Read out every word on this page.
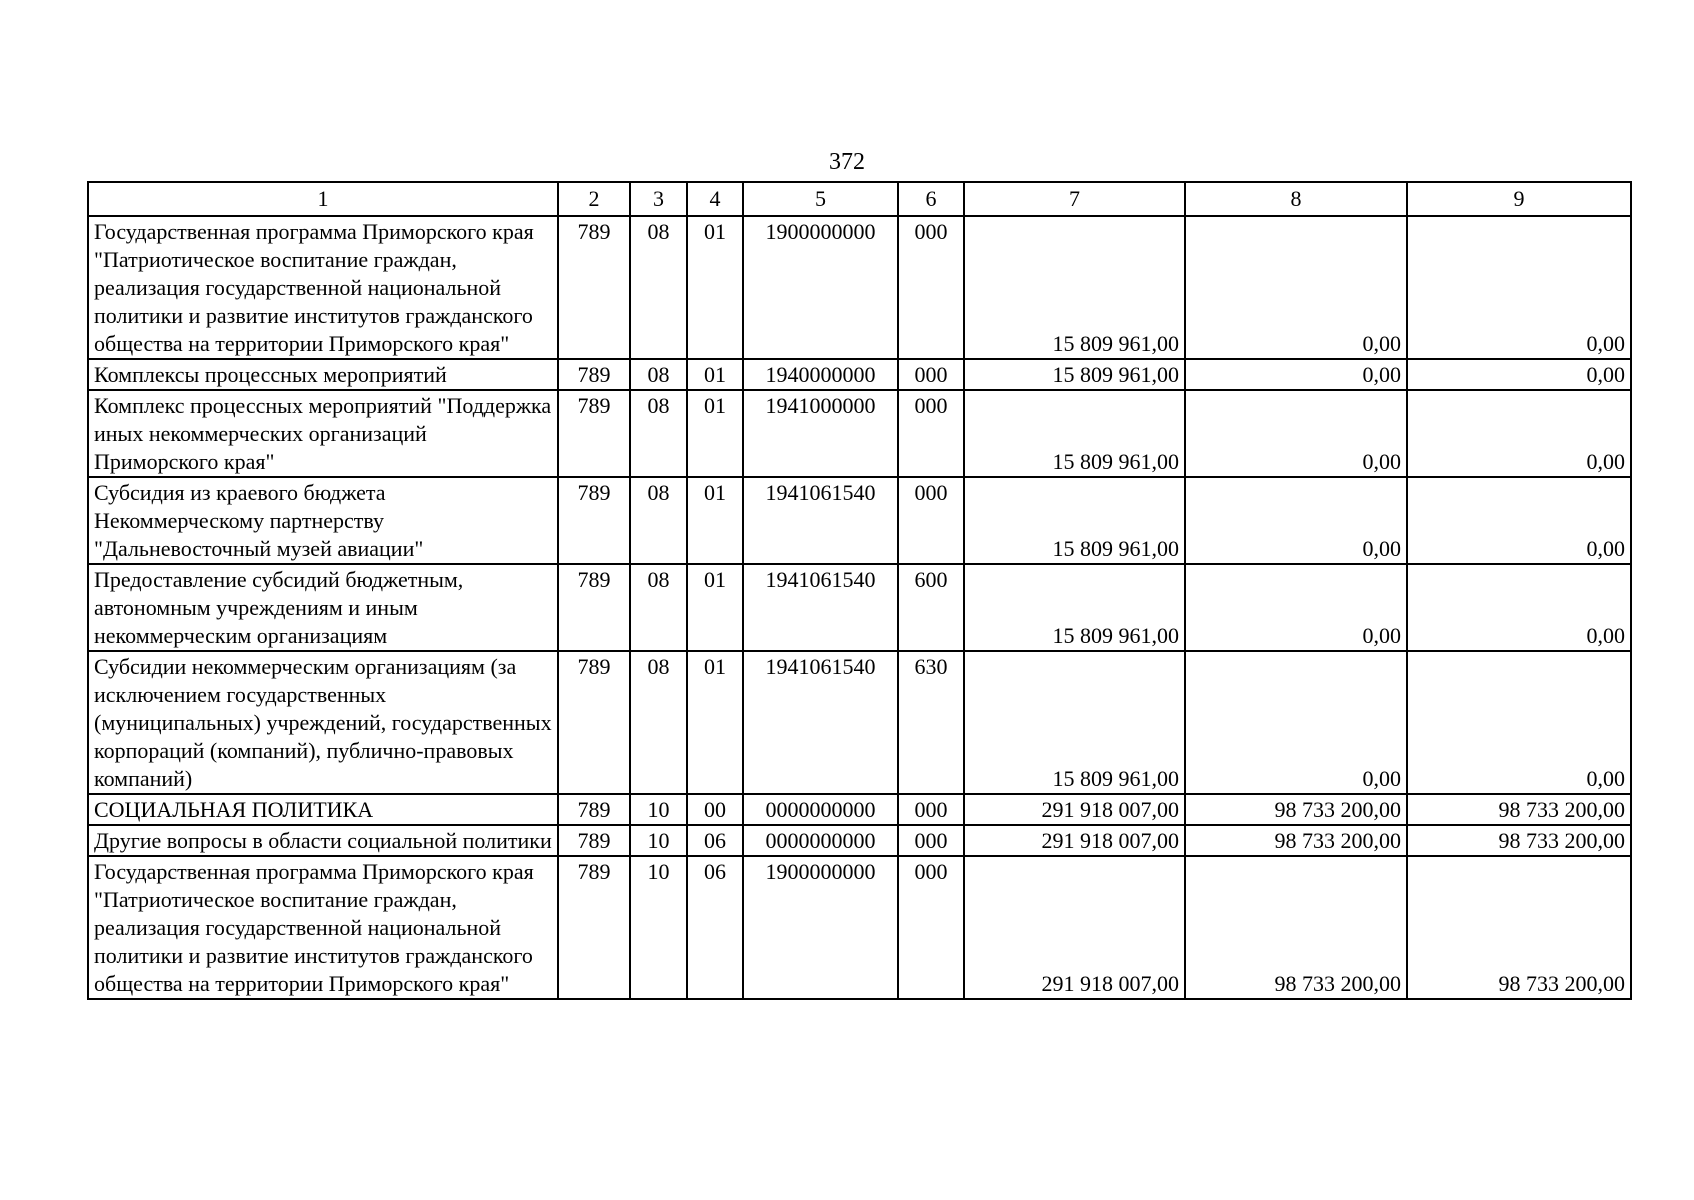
372
1	2	3	4	5	6	7	8	9
Государственная программа Приморского края "Патриотическое воспитание граждан, реализация государственной национальной политики и развитие институтов гражданского общества на территории Приморского края"	789	08	01	1900000000	000	15 809 961,00	0,00	0,00
Комплексы процессных мероприятий	789	08	01	1940000000	000	15 809 961,00	0,00	0,00
Комплекс процессных мероприятий "Поддержка иных некоммерческих организаций Приморского края"	789	08	01	1941000000	000	15 809 961,00	0,00	0,00
Субсидия из краевого бюджета Некоммерческому партнерству "Дальневосточный музей авиации"	789	08	01	1941061540	000	15 809 961,00	0,00	0,00
Предоставление субсидий бюджетным, автономным учреждениям и иным некоммерческим организациям	789	08	01	1941061540	600	15 809 961,00	0,00	0,00
Субсидии некоммерческим организациям (за исключением государственных (муниципальных) учреждений, государственных корпораций (компаний), публично-правовых компаний)	789	08	01	1941061540	630	15 809 961,00	0,00	0,00
СОЦИАЛЬНАЯ ПОЛИТИКА	789	10	00	0000000000	000	291 918 007,00	98 733 200,00	98 733 200,00
Другие вопросы в области социальной политики	789	10	06	0000000000	000	291 918 007,00	98 733 200,00	98 733 200,00
Государственная программа Приморского края "Патриотическое воспитание граждан, реализация государственной национальной политики и развитие институтов гражданского общества на территории Приморского края"	789	10	06	1900000000	000	291 918 007,00	98 733 200,00	98 733 200,00
